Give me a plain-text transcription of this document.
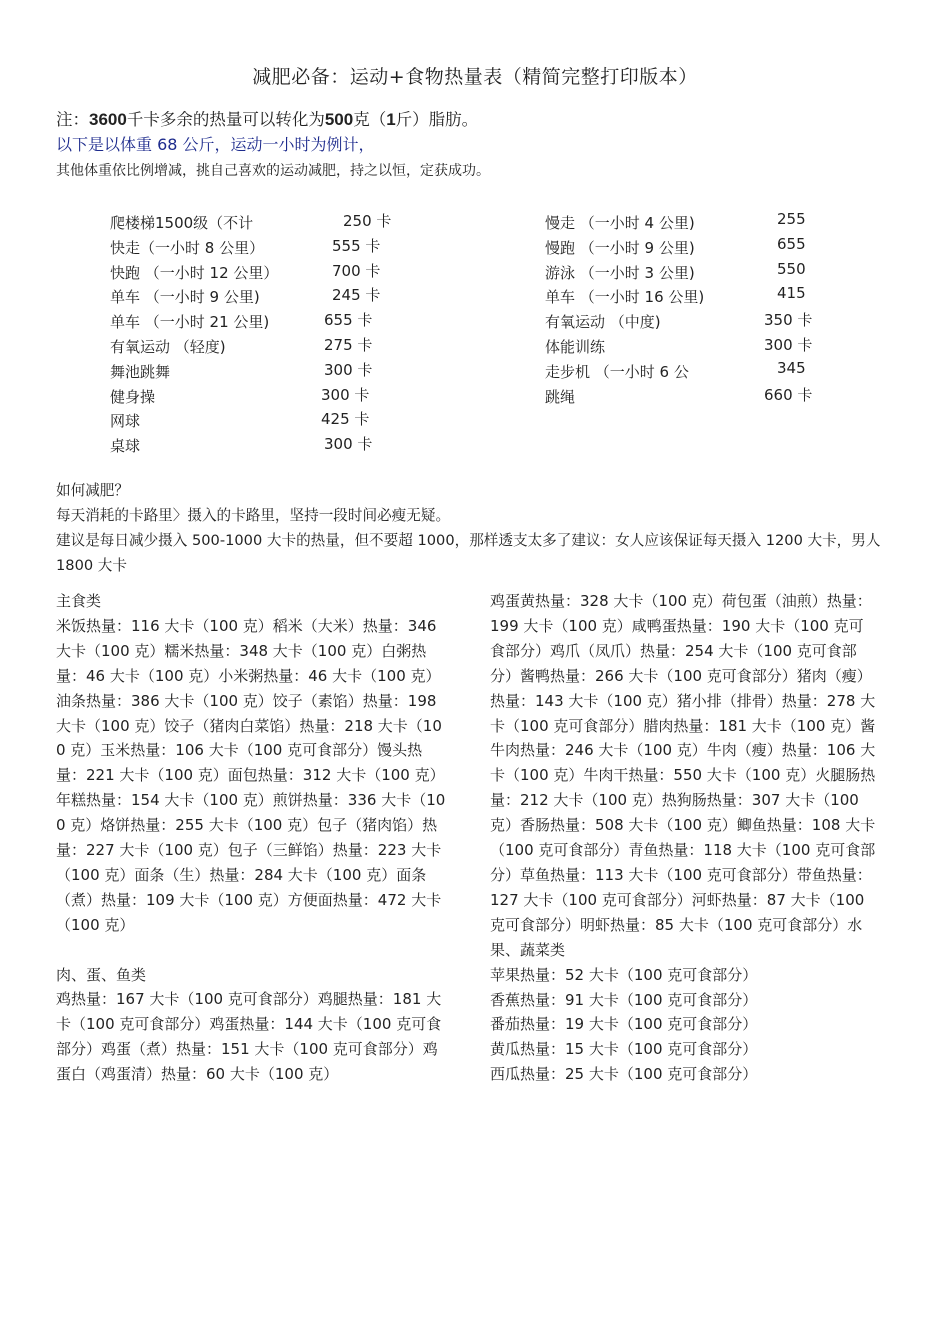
减肥必备：运动+食物热量表（精简完整打印版本）
注：3600千卡多余的热量可以转化为500克（1斤）脂肪。
以下是以体重 68 公斤，运动一小时为例计，
其他体重依比例增减，挑自己喜欢的运动减肥，持之以恒，定获成功。
爬楼梯1500级（不计	250 卡
快走（一小时 8 公里）	555 卡
快跑 （一小时 12 公里）	700 卡
单车 （一小时 9 公里)	245 卡
单车 （一小时 21 公里)	655 卡
有氧运动 （轻度)	275 卡
舞池跳舞	300 卡
健身操	300 卡
网球	425 卡
桌球	300 卡
慢走 （一小时 4 公里)	255
慢跑 （一小时 9 公里)	655
游泳 （一小时 3 公里)	550
单车 （一小时 16 公里)	415
有氧运动 （中度)	350 卡
体能训练	300 卡
走步机 （一小时 6 公	345
跳绳	660 卡
如何减肥？
每天消耗的卡路里〉摄入的卡路里，坚持一段时间必瘦无疑。
建议是每日减少摄入 500-1000 大卡的热量，但不要超 1000，那样透支太多了建议：女人应该保证每天摄入 1200 大卡，男人 1800 大卡

主食类

米饭热量：116 大卡（100 克）稻米（大米）热量：346 大卡（100 克）糯米热量：348 大卡（100 克）白粥热量：46 大卡（100 克）小米粥热量：46 大卡（100 克）油条热量：386 大卡（100 克）饺子（素馅）热量：198 大卡（100 克）饺子（猪肉白菜馅）热量：218 大卡（100 克）玉米热量：106 大卡（100 克可食部分）馒头热量：221 大卡（100 克）面包热量：312 大卡（100 克）年糕热量：154 大卡（100 克）煎饼热量：336 大卡（100 克）烙饼热量：255 大卡（100 克）包子（猪肉馅）热量：227 大卡（100 克）包子（三鲜馅）热量：223 大卡（100 克）面条（生）热量：284 大卡（100 克）面条（煮）热量：109 大卡（100 克）方便面热量：472 大卡（100 克）

肉、蛋、鱼类

鸡热量：167 大卡（100 克可食部分）鸡腿热量：181 大卡（100 克可食部分）鸡蛋热量：144 大卡（100 克可食部分）鸡蛋（煮）热量：151 大卡（100 克可食部分）鸡蛋白（鸡蛋清）热量：60 大卡（100 克）

鸡蛋黄热量：328 大卡（100 克）荷包蛋（油煎）热量：199 大卡（100 克）咸鸭蛋热量：190 大卡（100 克可食部分）鸡爪（凤爪）热量：254 大卡（100 克可食部分）酱鸭热量：266 大卡（100 克可食部分）猪肉（瘦）热量：143 大卡（100 克）猪小排（排骨）热量：278 大卡（100 克可食部分）腊肉热量：181 大卡（100 克）酱牛肉热量：246 大卡（100 克）牛肉（瘦）热量：106 大卡（100 克）牛肉干热量：550 大卡（100 克）火腿肠热量：212 大卡（100 克）热狗肠热量：307 大卡（100 克）香肠热量：508 大卡（100 克）鲫鱼热量：108 大卡（100 克可食部分）青鱼热量：118 大卡（100 克可食部分）草鱼热量：113 大卡（100 克可食部分）带鱼热量：127 大卡（100 克可食部分）河虾热量：87 大卡（100 克可食部分）明虾热量：85 大卡（100 克可食部分）水果、蔬菜类

苹果热量：52 大卡（100 克可食部分）

香蕉热量：91 大卡（100 克可食部分）

番茄热量：19 大卡（100 克可食部分）

黄瓜热量：15 大卡（100 克可食部分）

西瓜热量：25 大卡（100 克可食部分）
